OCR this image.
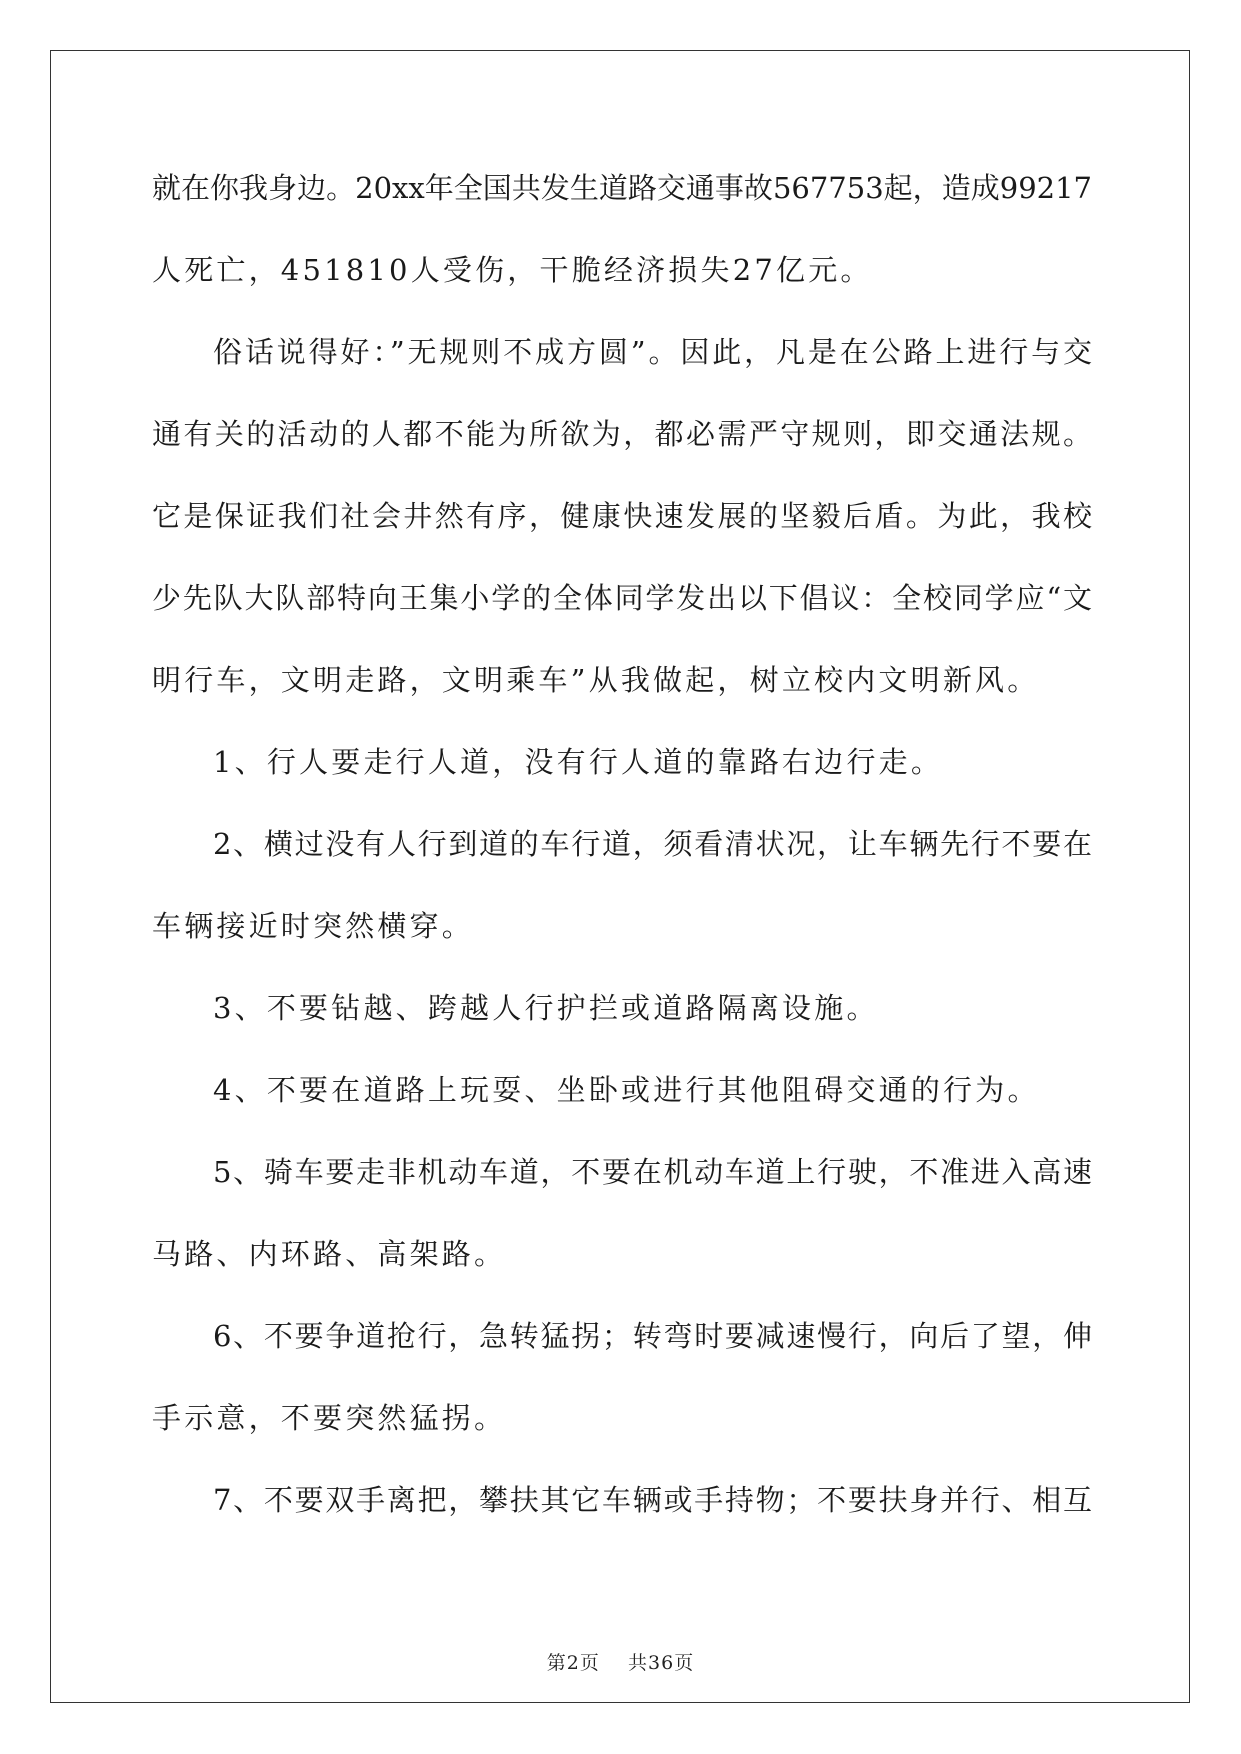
就在你我身边。20xx年全国共发生道路交通事故567753起，造成99217
人死亡，451810人受伤，干脆经济损失27亿元。
俗话说得好：”无规则不成方圆”。因此，凡是在公路上进行与交
通有关的活动的人都不能为所欲为，都必需严守规则，即交通法规。
它是保证我们社会井然有序，健康快速发展的坚毅后盾。为此，我校
少先队大队部特向王集小学的全体同学发出以下倡议：全校同学应“文
明行车，文明走路，文明乘车”从我做起，树立校内文明新风。
1、行人要走行人道，没有行人道的靠路右边行走。
2、横过没有人行到道的车行道，须看清状况，让车辆先行不要在
车辆接近时突然横穿。
3、不要钻越、跨越人行护拦或道路隔离设施。
4、不要在道路上玩耍、坐卧或进行其他阻碍交通的行为。
5、骑车要走非机动车道，不要在机动车道上行驶，不准进入高速
马路、内环路、高架路。
6、不要争道抢行，急转猛拐；转弯时要减速慢行，向后了望，伸
手示意，不要突然猛拐。
7、不要双手离把，攀扶其它车辆或手持物；不要扶身并行、相互
第2页 共36页
